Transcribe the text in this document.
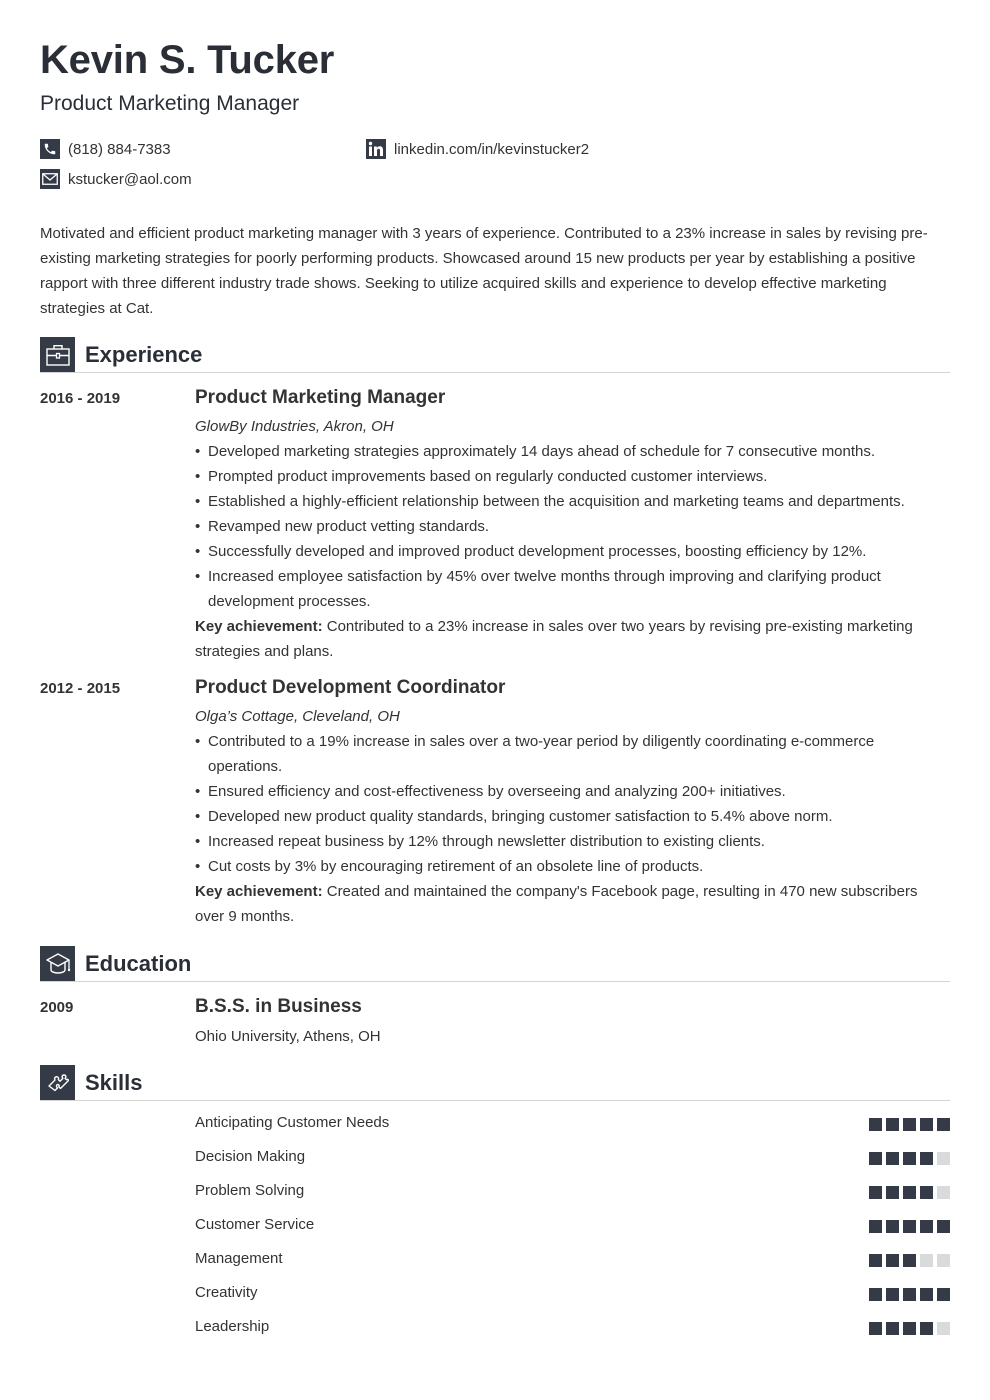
Kevin S. Tucker
Product Marketing Manager
(818) 884-7383
kstucker@aol.com
linkedin.com/in/kevinstucker2

Motivated and efficient product marketing manager with 3 years of experience. Contributed to a 23% increase in sales by revising pre-existing marketing strategies for poorly performing products. Showcased around 15 new products per year by establishing a positive rapport with three different industry trade shows. Seeking to utilize acquired skills and experience to develop effective marketing strategies at Cat.

Experience
2016 - 2019	Product Marketing Manager
GlowBy Industries, Akron, OH
• Developed marketing strategies approximately 14 days ahead of schedule for 7 consecutive months.
• Prompted product improvements based on regularly conducted customer interviews.
• Established a highly-efficient relationship between the acquisition and marketing teams and departments.
• Revamped new product vetting standards.
• Successfully developed and improved product development processes, boosting efficiency by 12%.
• Increased employee satisfaction by 45% over twelve months through improving and clarifying product development processes.
Key achievement: Contributed to a 23% increase in sales over two years by revising pre-existing marketing strategies and plans.
2012 - 2015	Product Development Coordinator
Olga’s Cottage, Cleveland, OH
• Contributed to a 19% increase in sales over a two-year period by diligently coordinating e-commerce operations.
• Ensured efficiency and cost-effectiveness by overseeing and analyzing 200+ initiatives.
• Developed new product quality standards, bringing customer satisfaction to 5.4% above norm.
• Increased repeat business by 12% through newsletter distribution to existing clients.
• Cut costs by 3% by encouraging retirement of an obsolete line of products.
Key achievement: Created and maintained the company's Facebook page, resulting in 470 new subscribers over 9 months.
Education
2009	B.S.S. in Business
Ohio University, Athens, OH
Skills
Anticipating Customer Needs
Decision Making
Problem Solving
Customer Service
Management
Creativity
Leadership
